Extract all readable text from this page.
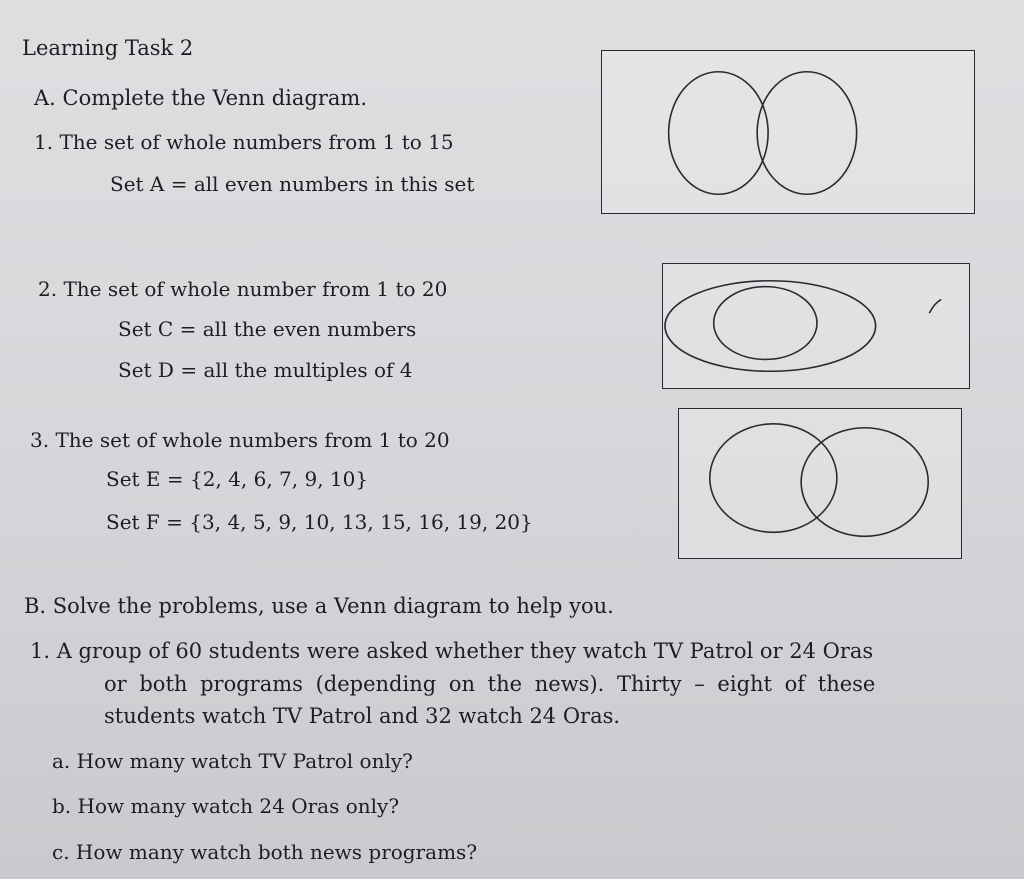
Learning Task 2
A. Complete the Venn diagram.
1. The set of whole numbers from 1 to 15
Set A = all even numbers in this set
2. The set of whole number from 1 to 20
Set C = all the even numbers
Set D = all the multiples of 4
3. The set of whole numbers from 1 to 20
Set E = {2, 4, 6, 7, 9, 10}
Set F = {3, 4, 5, 9, 10, 13, 15, 16, 19, 20}
B. Solve the problems, use a Venn diagram to help you.
1. A group of 60 students were asked whether they watch TV Patrol or 24 Oras
or both programs (depending on the news). Thirty – eight of these
students watch TV Patrol and 32 watch 24 Oras.
a. How many watch TV Patrol only?
b. How many watch 24 Oras only?
c. How many watch both news programs?
